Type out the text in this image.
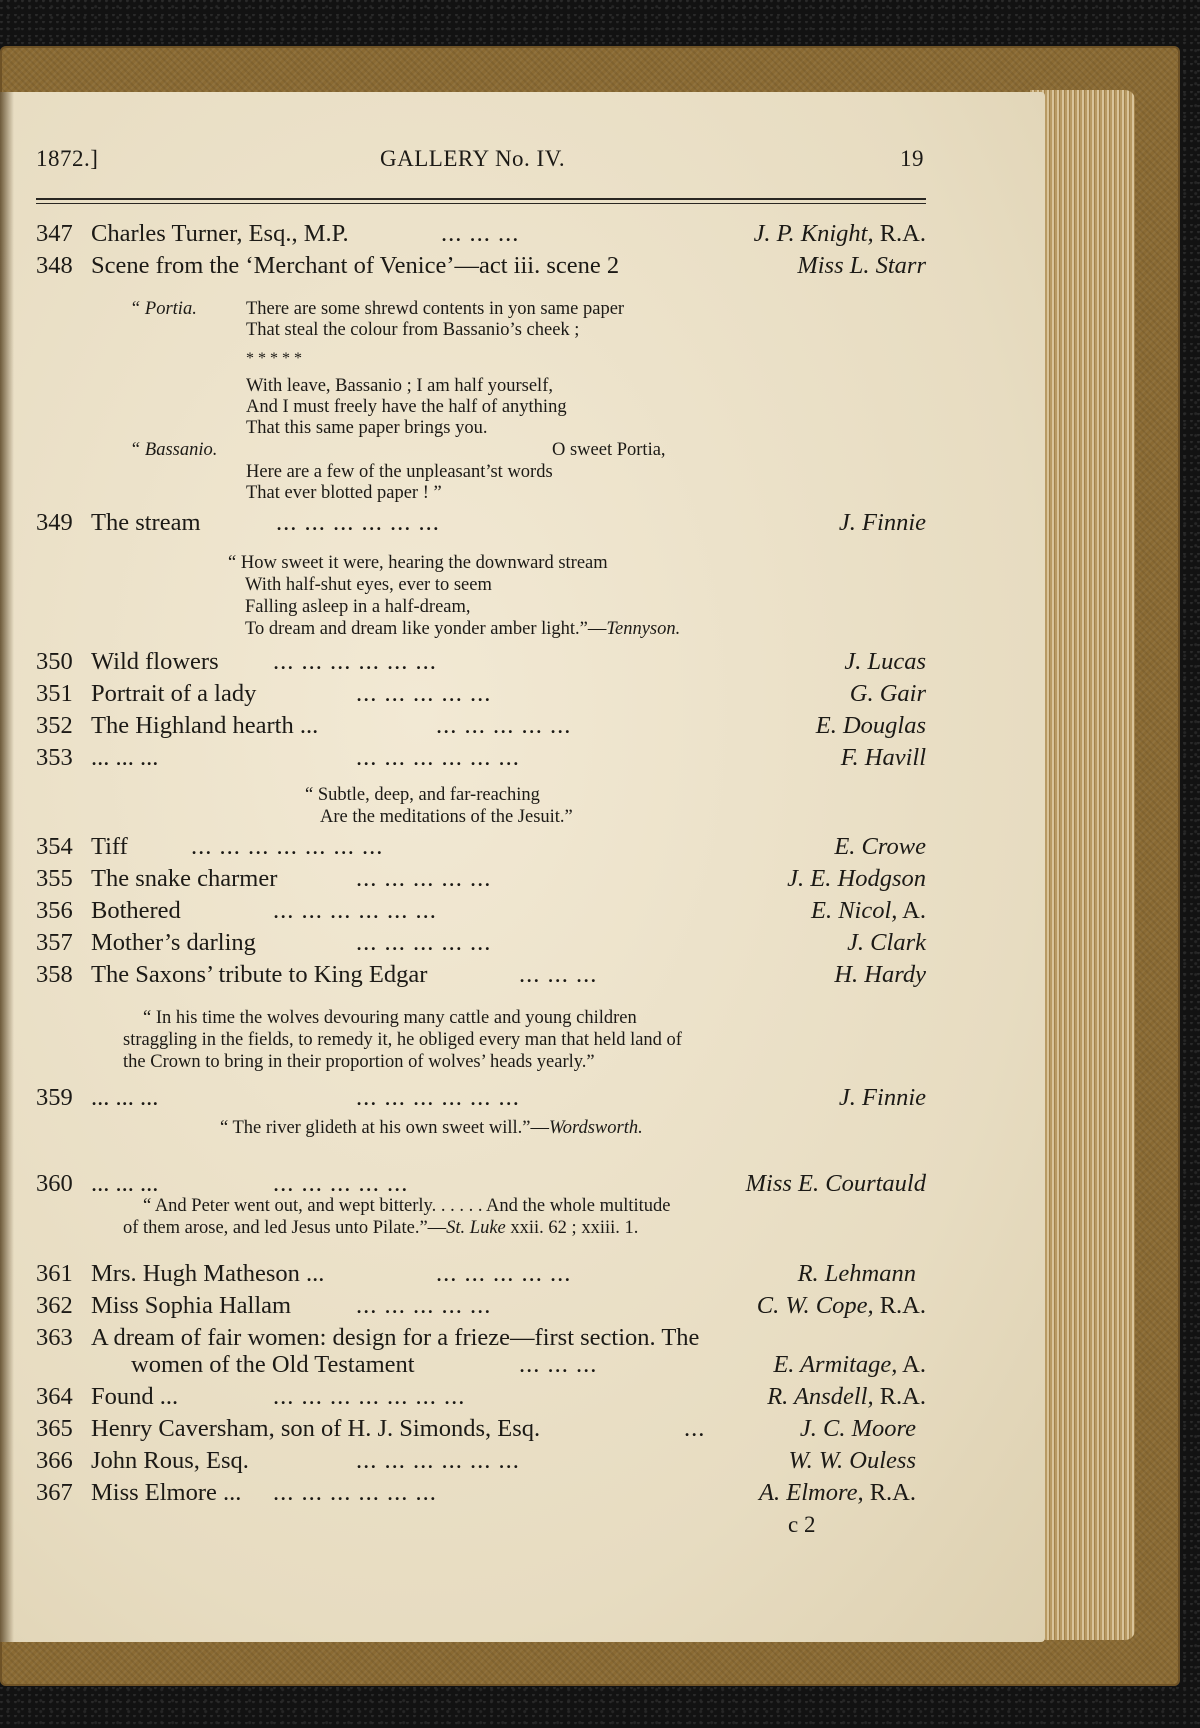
1872.]	GALLERY No. IV.	19
347 Charles Turner, Esq., M.P.	... ... ...	J. P. Knight, R.A.
348 Scene from the ‘Merchant of Venice’—act iii. scene 2	Miss L. Starr
“ Portia.	There are some shrewd contents in yon same paper
That steal the colour from Bassanio’s cheek ;
* * * * *
With leave, Bassanio ; I am half yourself,
And I must freely have the half of anything
That this same paper brings you.
“ Bassanio.	O sweet Portia,
Here are a few of the unpleasant’st words
That ever blotted paper ! ”
349 The stream	... ... ... ... ... ...	J. Finnie
“ How sweet it were, hearing the downward stream
With half-shut eyes, ever to seem
Falling asleep in a half-dream,
To dream and dream like yonder amber light.”—Tennyson.
350 Wild flowers ... ... ... ... ... ...	J. Lucas
351 Portrait of a lady	... ... ... ... ...	G. Gair
352 The Highland hearth ...	... ... ... ... ...	E. Douglas
353 ... ... ...	... ... ... ... ... ...	F. Havill
“ Subtle, deep, and far-reaching
Are the meditations of the Jesuit.”
354 Tiff	... ... ... ... ... ... ...	E. Crowe
355 The snake charmer	... ... ... ... ...	J. E. Hodgson
356 Bothered	... ... ... ... ... ...	E. Nicol, A.
357 Mother’s darling	... ... ... ... ...	J. Clark
358 The Saxons’ tribute to King Edgar	... ... ...	H. Hardy
“ In his time the wolves devouring many cattle and young children
straggling in the fields, to remedy it, he obliged every man that held land of
the Crown to bring in their proportion of wolves’ heads yearly.”
359 ... ... ...	... ... ... ... ... ...	J. Finnie
“ The river glideth at his own sweet will.”—Wordsworth.
360 ... ... ...	... ... ... ... ...	Miss E. Courtauld
“ And Peter went out, and wept bitterly. . . . . . And the whole multitude
of them arose, and led Jesus unto Pilate.”—St. Luke xxii. 62 ; xxiii. 1.
361 Mrs. Hugh Matheson ...	... ... ... ... ...	R. Lehmann
362 Miss Sophia Hallam	... ... ... ... ...	C. W. Cope, R.A.
363 A dream of fair women: design for a frieze—first section. The
women of the Old Testament	... ... ...	E. Armitage, A.
364 Found ...	... ... ... ... ... ... ...	R. Ansdell, R.A.
365 Henry Caversham, son of H. J. Simonds, Esq.	...	J. C. Moore
366 John Rous, Esq.	... ... ... ... ... ...	W. W. Ouless
367 Miss Elmore ... ... ... ... ... ... ...	A. Elmore, R.A.
c 2
